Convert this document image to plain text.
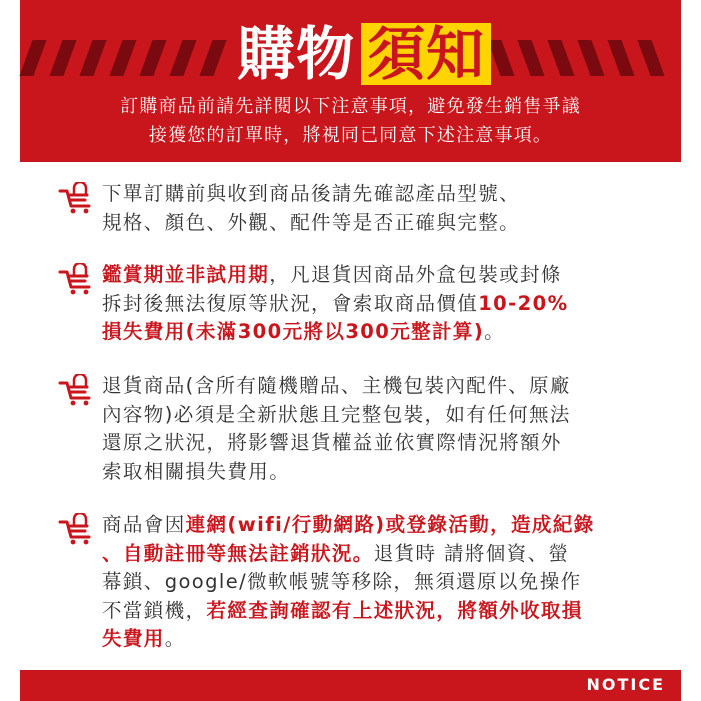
購物 須知
訂購商品前請先詳閱以下注意事項，避免發生銷售爭議
接獲您的訂單時，將視同已同意下述注意事項。

下單訂購前與收到商品後請先確認產品型號、
規格、顏色、外觀、配件等是否正確與完整。

鑑賞期並非試用期，凡退貨因商品外盒包裝或封條
拆封後無法復原等狀況，會索取商品價值10-20%
損失費用(未滿300元將以300元整計算)。

退貨商品(含所有隨機贈品、主機包裝內配件、原廠
內容物)必須是全新狀態且完整包裝，如有任何無法
還原之狀況，將影響退貨權益並依實際情況將額外
索取相關損失費用。

商品會因連網(wifi/行動網路)或登錄活動，造成紀錄
、自動註冊等無法註銷狀況。退貨時 請將個資、螢
幕鎖、google/微軟帳號等移除，無須還原以免操作
不當鎖機，若經查詢確認有上述狀況，將額外收取損
失費用。

NOTICE
